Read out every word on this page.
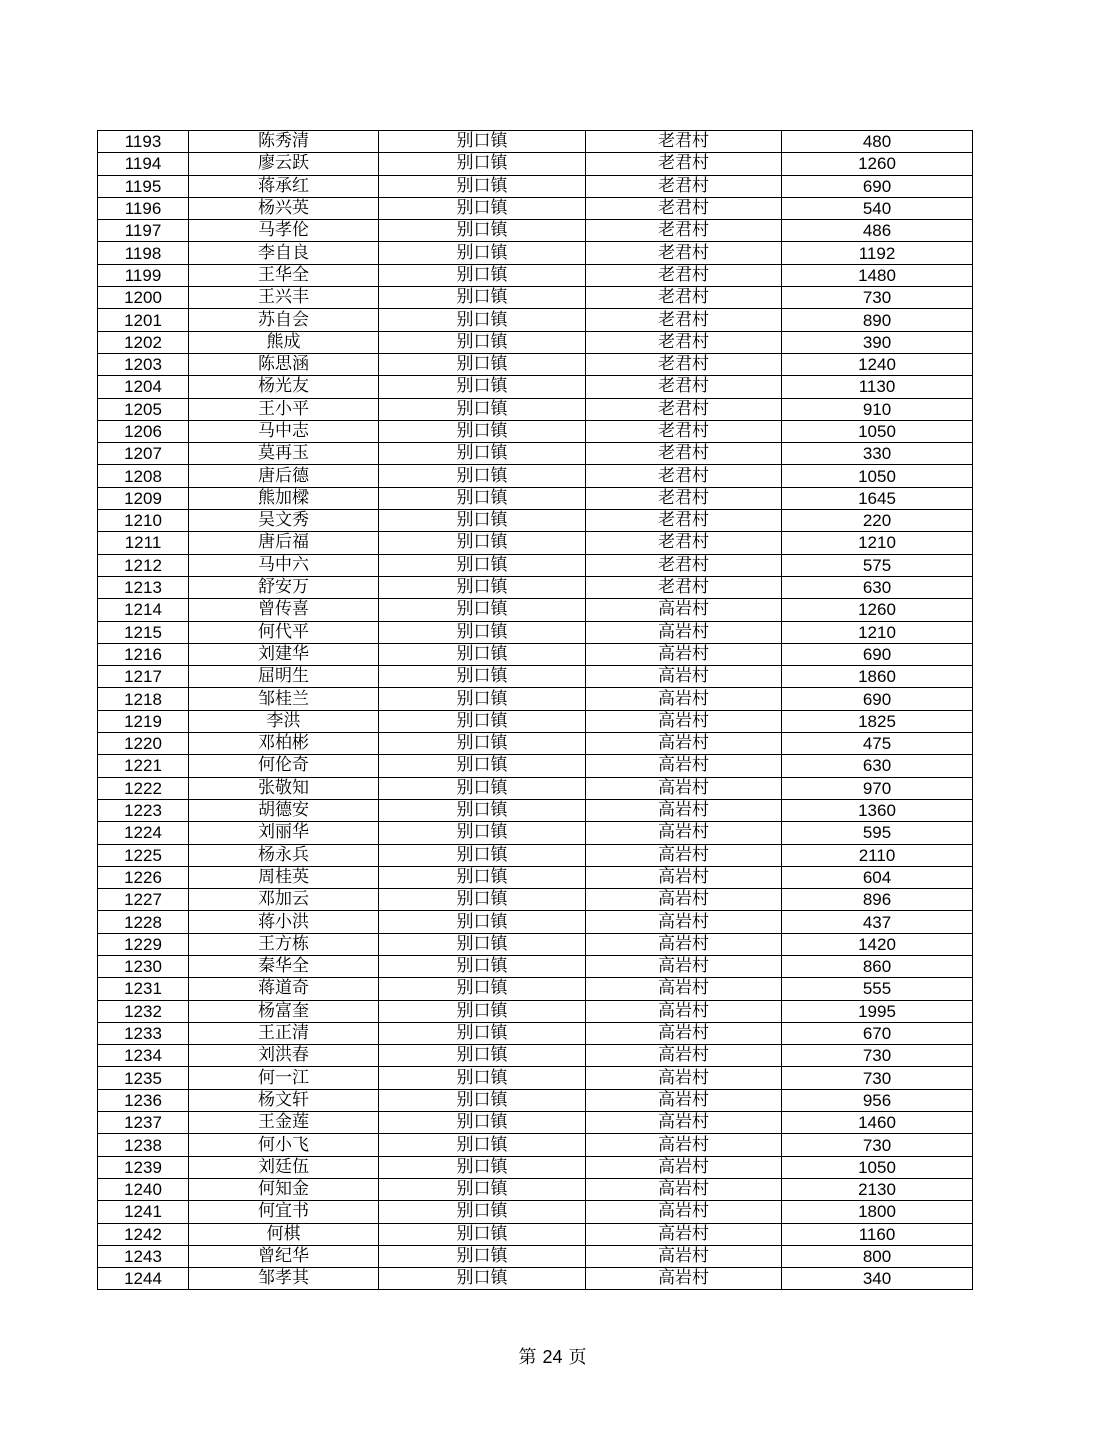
1193	陈秀清	别口镇	老君村	480
1194	廖云跃	别口镇	老君村	1260
1195	蒋承红	别口镇	老君村	690
1196	杨兴英	别口镇	老君村	540
1197	马孝伦	别口镇	老君村	486
1198	李自良	别口镇	老君村	1192
1199	王华全	别口镇	老君村	1480
1200	王兴丰	别口镇	老君村	730
1201	苏自会	别口镇	老君村	890
1202	熊成	别口镇	老君村	390
1203	陈思涵	别口镇	老君村	1240
1204	杨光友	别口镇	老君村	1130
1205	王小平	别口镇	老君村	910
1206	马中志	别口镇	老君村	1050
1207	莫再玉	别口镇	老君村	330
1208	唐后德	别口镇	老君村	1050
1209	熊加樑	别口镇	老君村	1645
1210	吴文秀	别口镇	老君村	220
1211	唐后福	别口镇	老君村	1210
1212	马中六	别口镇	老君村	575
1213	舒安万	别口镇	老君村	630
1214	曾传喜	别口镇	高岩村	1260
1215	何代平	别口镇	高岩村	1210
1216	刘建华	别口镇	高岩村	690
1217	屈明生	别口镇	高岩村	1860
1218	邹桂兰	别口镇	高岩村	690
1219	李洪	别口镇	高岩村	1825
1220	邓柏彬	别口镇	高岩村	475
1221	何伦奇	别口镇	高岩村	630
1222	张敬知	别口镇	高岩村	970
1223	胡德安	别口镇	高岩村	1360
1224	刘丽华	别口镇	高岩村	595
1225	杨永兵	别口镇	高岩村	2110
1226	周桂英	别口镇	高岩村	604
1227	邓加云	别口镇	高岩村	896
1228	蒋小洪	别口镇	高岩村	437
1229	王方栋	别口镇	高岩村	1420
1230	秦华全	别口镇	高岩村	860
1231	蒋道奇	别口镇	高岩村	555
1232	杨富奎	别口镇	高岩村	1995
1233	王正清	别口镇	高岩村	670
1234	刘洪春	别口镇	高岩村	730
1235	何一江	别口镇	高岩村	730
1236	杨文轩	别口镇	高岩村	956
1237	王金莲	别口镇	高岩村	1460
1238	何小飞	别口镇	高岩村	730
1239	刘廷伍	别口镇	高岩村	1050
1240	何知金	别口镇	高岩村	2130
1241	何宜书	别口镇	高岩村	1800
1242	何棋	别口镇	高岩村	1160
1243	曾纪华	别口镇	高岩村	800
1244	邹孝其	别口镇	高岩村	340
第 24 页
